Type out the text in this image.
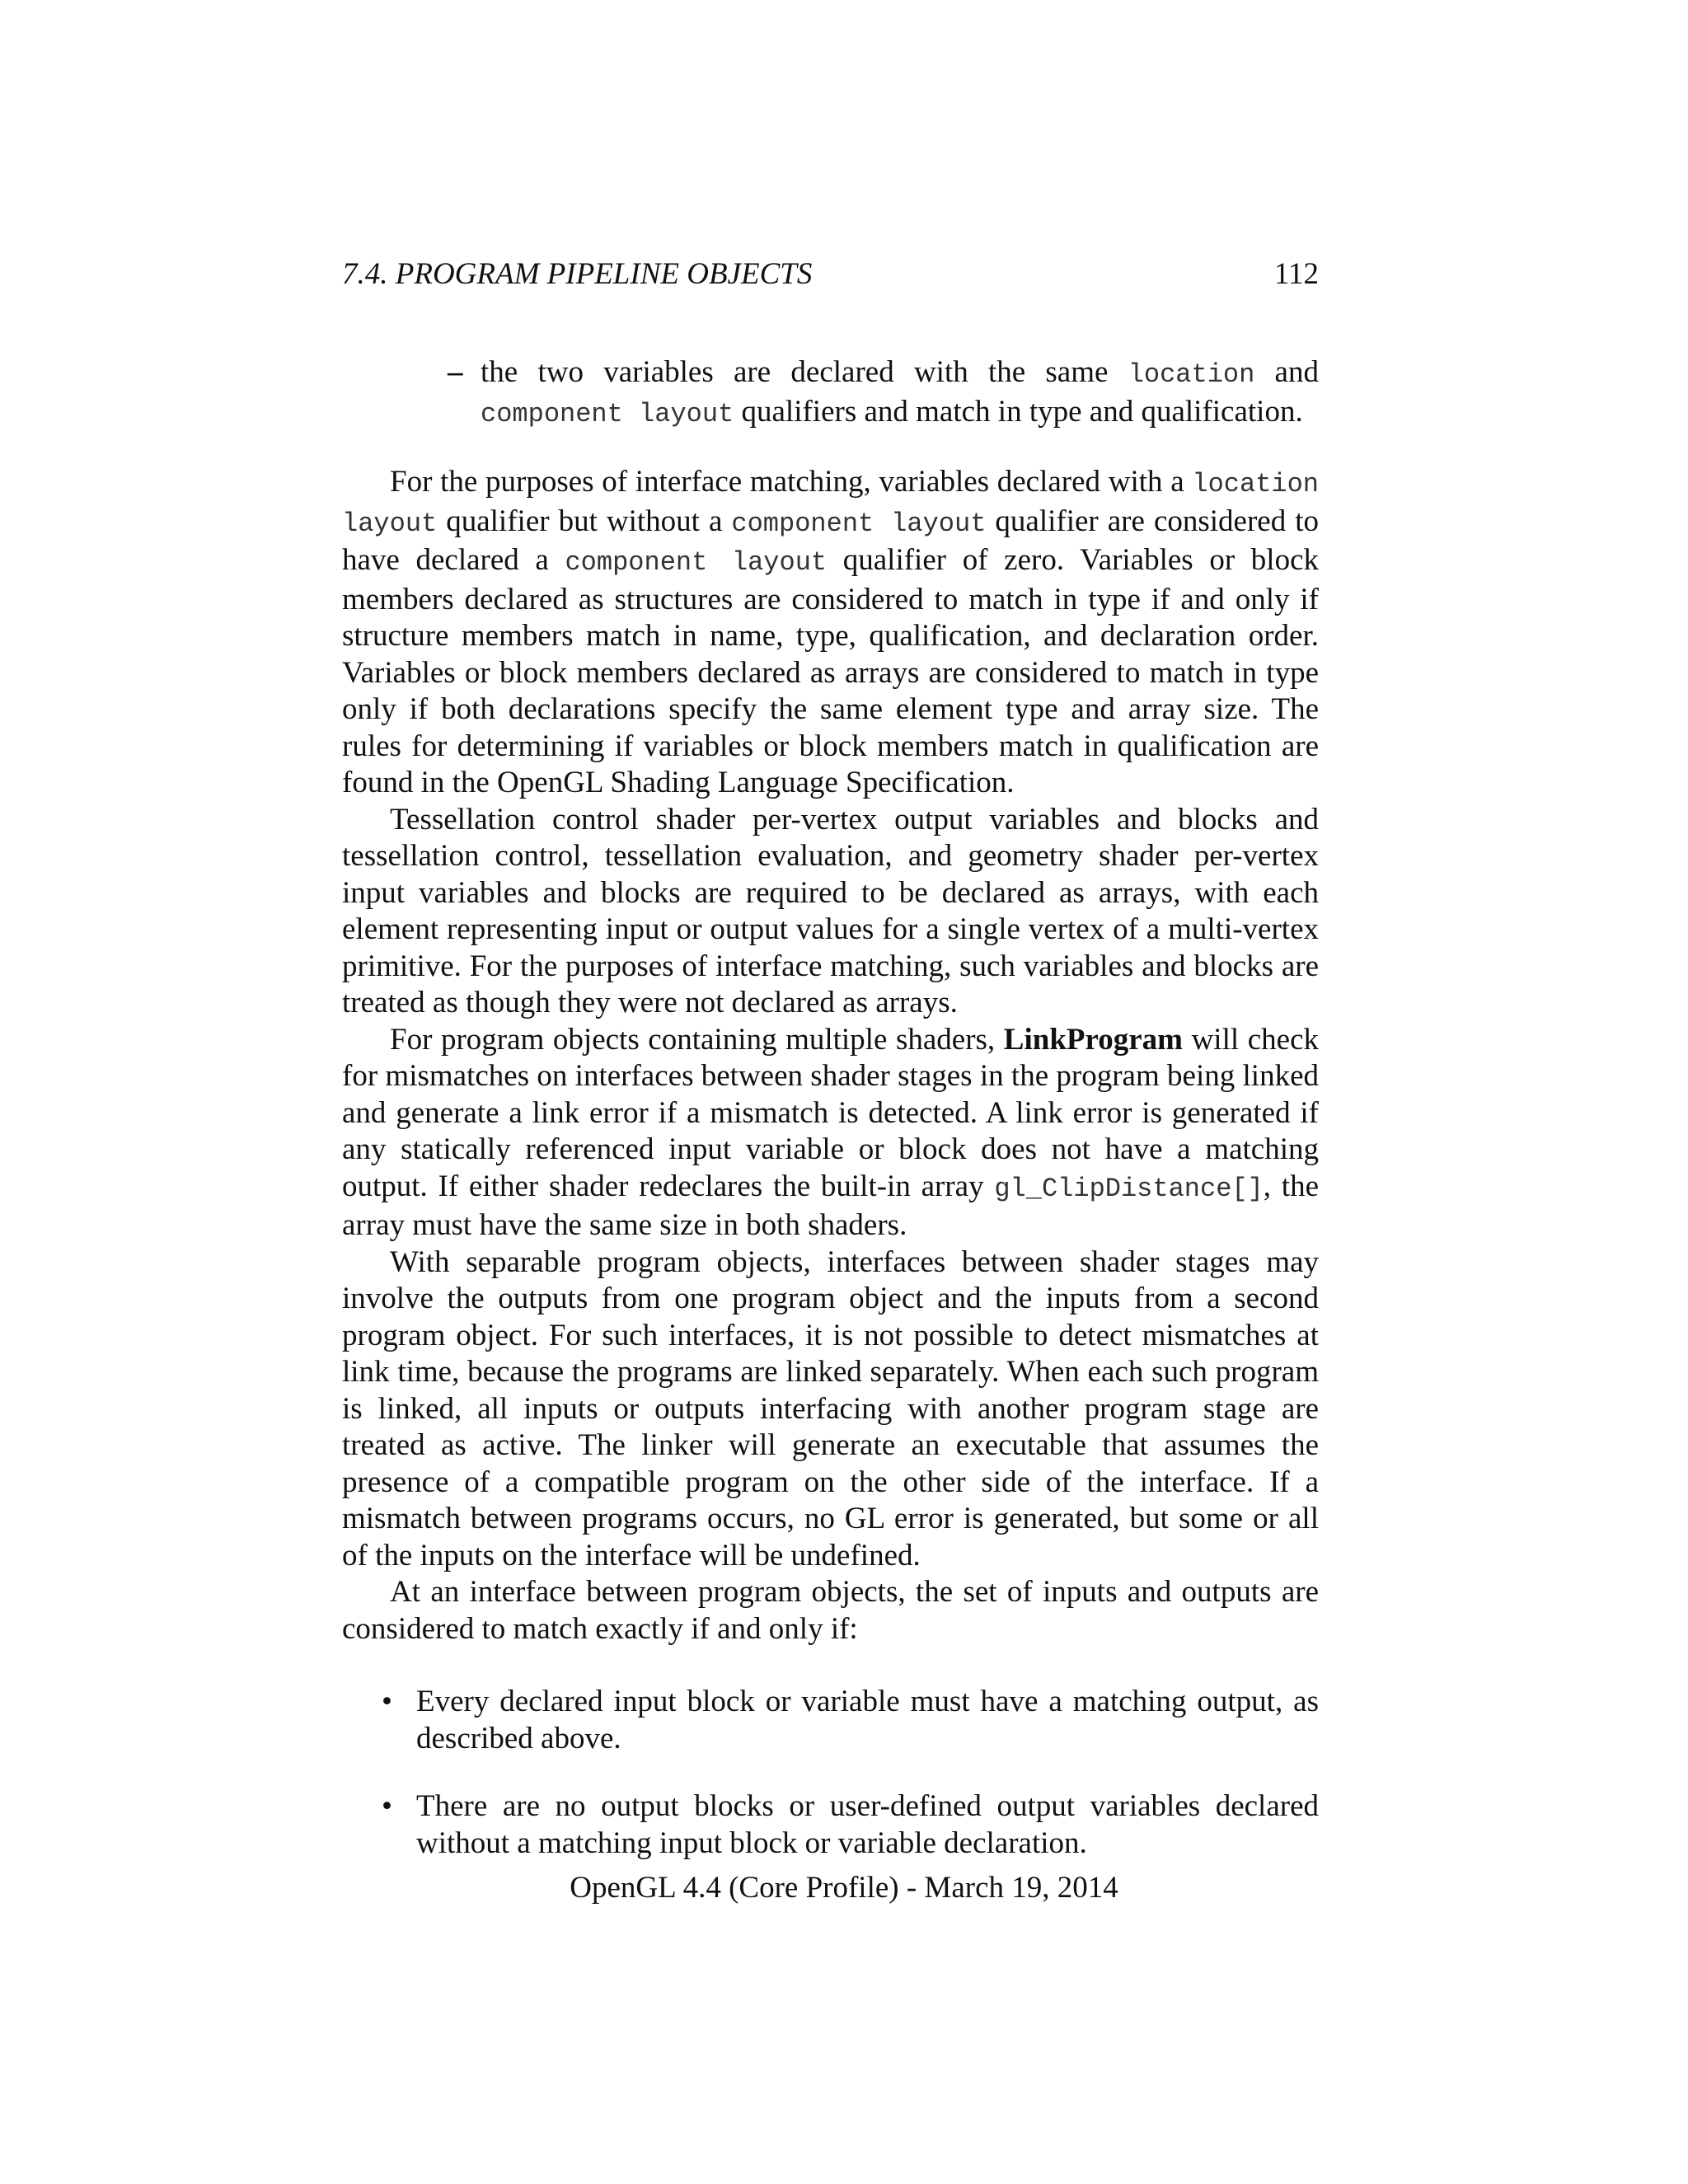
7.4. PROGRAM PIPELINE OBJECTS	112
– the two variables are declared with the same location and component layout qualifiers and match in type and qualification.

For the purposes of interface matching, variables declared with a location layout qualifier but without a component layout qualifier are considered to have declared a component layout qualifier of zero. Variables or block members declared as structures are considered to match in type if and only if structure members match in name, type, qualification, and declaration order. Variables or block members declared as arrays are considered to match in type only if both declarations specify the same element type and array size. The rules for determining if variables or block members match in qualification are found in the OpenGL Shading Language Specification.

Tessellation control shader per-vertex output variables and blocks and tessellation control, tessellation evaluation, and geometry shader per-vertex input variables and blocks are required to be declared as arrays, with each element representing input or output values for a single vertex of a multi-vertex primitive. For the purposes of interface matching, such variables and blocks are treated as though they were not declared as arrays.

For program objects containing multiple shaders, LinkProgram will check for mismatches on interfaces between shader stages in the program being linked and generate a link error if a mismatch is detected. A link error is generated if any statically referenced input variable or block does not have a matching output. If either shader redeclares the built-in array gl_ClipDistance[], the array must have the same size in both shaders.

With separable program objects, interfaces between shader stages may involve the outputs from one program object and the inputs from a second program object. For such interfaces, it is not possible to detect mismatches at link time, because the programs are linked separately. When each such program is linked, all inputs or outputs interfacing with another program stage are treated as active. The linker will generate an executable that assumes the presence of a compatible program on the other side of the interface. If a mismatch between programs occurs, no GL error is generated, but some or all of the inputs on the interface will be undefined.

At an interface between program objects, the set of inputs and outputs are considered to match exactly if and only if:

• Every declared input block or variable must have a matching output, as described above.
• There are no output blocks or user-defined output variables declared without a matching input block or variable declaration.
OpenGL 4.4 (Core Profile) - March 19, 2014
